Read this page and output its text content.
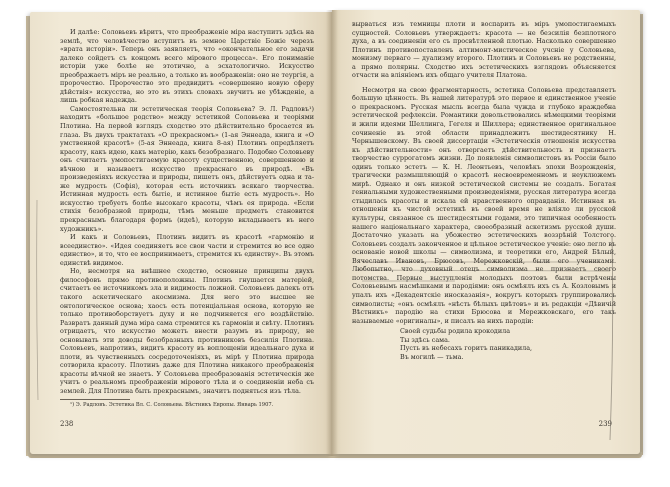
И далѣе: Соловьевъ вѣритъ, что преображеніе міра наступитъ здѣсь на землѣ, что человѣчество вступитъ въ земное Царствіе Божіе черезъ «врата исторіи». Теперь онъ заявляетъ, что «окончательное его задачи далеко сойдетъ съ концомъ всего мірового процесса». Его пониманіе исторіи уже болѣе не этотично, а эсхатологично. Искусство преображаетъ міръ не реально, а только въ воображеніи: оно не теургія, а пророчество. Пророчество это предвидитъ «совершенно новую сферу дѣйствія» искусства, но это въ этихъ словахъ звучитъ не убѣжденіе, а лишь робкая надежда.

Самостоятельна ли эстетическая теорія Соловьева? Э. Л. Радловъ¹) находитъ «большое родство» между эстетикой Соловьева и теоріями Плотина. На первой взглядъ сходство это дѣйствительно бросается въ глаза. Въ двухъ трактатахъ «О прекрасномъ» (1-ая Эннеада, книга и «О умственной красотѣ» (5-ая Эннеада, книга 8-ая) Плотинъ опредѣляетъ красоту, какъ идею, какъ матерію, какъ безобразнаго. Подобно Соловьеву онъ считаетъ умопостигаемую красоту существенною, совершенною и вѣчною и называетъ искусство прекраснаго въ природѣ. «Въ произведеніяхъ искусства и природы, пишетъ онъ, дѣйствуетъ одна и та-же мудрость (Софія), которая есть источникъ всякаго творчества. Истинная мудрость есть бытіе, и истинное бытіе есть мудрость». Но искусство требуетъ болѣе высокаго красоты, чѣмъ ея природа. «Если стихія безобразной природы, тѣмъ меньше предметъ становится прекраснымъ благодаря формъ (идеѣ), которую вкладываетъ въ него художникъ».

И какъ и Соловьевъ, Плотинъ видитъ въ красотѣ «гармонію и всеединство». «Идея соединяетъ все свои части и стремится во все одно единство», и то, что ее воспринимаетъ, стремится къ единству». Въ этомъ единствѣ видимое.

Но, несмотря на внѣшнее сходство, основные принципы двухъ философовъ прямо противоположны. Плотинъ гнушается матеріей, считаетъ ее источникомъ зла и видимость ложной. Соловьевъ далекъ отъ такого аскетическаго акосмизма. Для него это высшее не онтологическое основа; хаосъ есть потенціальная основа, которую не только противоборствуетъ духу и не подчиняется его воздѣйствію. Развратъ данный дума міра сама стремится къ гармоніи и свѣту. Плотинъ отрицаетъ, что искусство можетъ внести разумъ въ природу, не основывать эти доводы безобразныхъ противниковъ безсилія Плотина. Соловьевъ, напротивъ, видитъ красоту въ воплощеніи идеальнаго духа и плоти, въ чувственныхъ сосредоточеніяхъ, въ мірѣ у Плотина природа сотворила красоту. Плотинъ даже для Плотина никакого преображенія красоты вѣчной не знаетъ. У Соловьева преобразованія эстетическія же учитъ о реальномъ преображеніи мірового тѣла и о соединеніи неба съ землей. Для Плотина быть прекраснымъ, значитъ подняться изъ тѣла.

¹) Э. Радловъ. Эстетика Вл. С. Соловьева. Вѣстникъ Европы. Январь 1907.

238

вырваться изъ темницы плоти и воспарить въ міръ умопостигаемыхъ сущностей. Соловьевъ утверждаетъ: красота — не безсилія безплотного духа, а въ соединеніи его съ просвѣтленной плотью. Насколько совершенно Плотинъ противопоставленъ алтимонт-мистическое учсніе у Соловьева, монизму перваго — дуализму второго. Плотинъ и Соловьевъ не родственны, а прямо полярны. Сходство ихъ эстетическихъ взглядовъ объясняется отчасти на вліяніемъ ихъ общаго учителя Платона.

Несмотря на свою фрагментарность, эстетика Соловьева представляетъ большую цѣнность. Въ нашей литературѣ это первое и единственное ученіе о прекрасномъ. Русская мысль всегда была чужда и глубоко враждебна эстетической рефлексіи. Романтики довольствовались нѣмецкими теоріями и жили идеями Шеллинга, Гегеля и Шиллера; единственное оригинальное сочиненіе въ этой области принадлежитъ шестидесятнику Н. Чернышевскому. Въ своей диссертаціи «Эстетическія отношенія искусства къ дѣйствительности» онъ отвергаетъ дѣйствительность и признаетъ творчество суррогатомъ жизни. До появленія символистовъ въ Россіи было одинъ только эстетъ — К. Н. Леонтьевъ, человѣкъ эпохи Возрожденія, трагически размышляющій о красотѣ несвоевременномъ и неуклюжемъ мирѣ. Однако и онъ низкой эстетической системы не создалъ. Богатая гениальными художественными произведеніями, русская литература всегда стыдилась красоты и искала ей нравственного оправданія. Истинная въ отношеніи къ чистой эстетикѣ въ своей время не вліяло ли русской культуры, связанное съ шестидесятыми годами, это типичная особенность нашего національнаго характера, своеобразный аскетизмъ русской души. Достаточно указать на убожество эстетическихъ воззрѣній Толстого. Соловьевъ создалъ законченное и цѣльное эстетическое ученіе: оно легло въ основаніе новой школы — символизма, и теоретики его, Андрей Бѣлый, Вячеславъ Ивановъ, Брюсовъ, Мережковскій, были его учениками. Любопытно, что духовный отецъ символизма не признаетъ своего потомства. Первые выступленія молодыхъ поэтовъ были встрѣчены Соловьевымъ насмѣшками и пародіями: онъ осмѣялъ ихъ съ А. Козловымъ и упалъ ихъ «Декадентскіе иносказанія», вокругъ которыхъ группировались символисты; «онъ осмѣялъ «нѣсть бѣлыхъ цвѣтовъ» и въ редакціи «Дѣвичій Вѣстникъ» пародію на стихи Брюсова и Мережковскаго, его такъ называемые «оригиналы», и писалъ на нихъ пародіи:

Своей судьбы родила крокодила
Ты здѣсь сама.
Пусть въ небесахъ горитъ паникадила,
Въ могилѣ — тьма.
239
